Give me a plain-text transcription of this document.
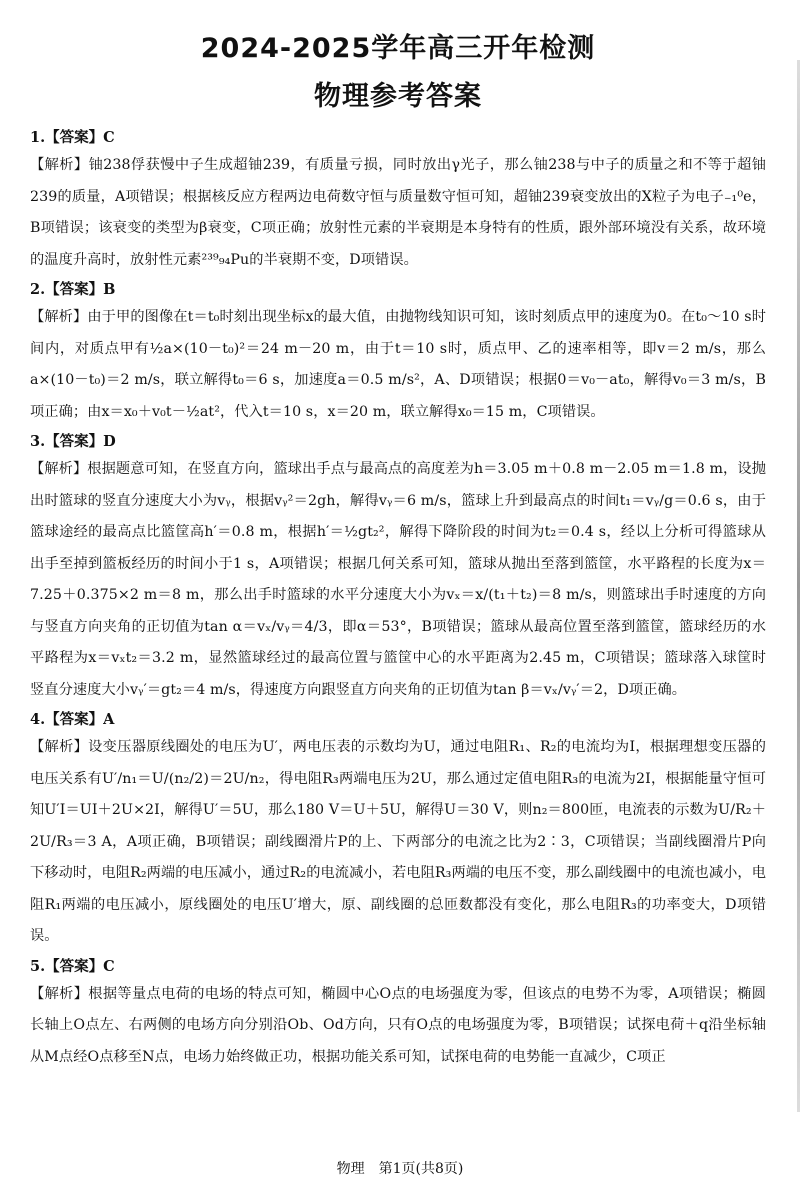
2024-2025学年高三开年检测
物理参考答案
1.【答案】C
【解析】铀238俘获慢中子生成超铀239，有质量亏损，同时放出γ光子，那么铀238与中子的质量之和不等于超铀239的质量，A项错误；根据核反应方程两边电荷数守恒与质量数守恒可知，超铀239衰变放出的X粒子为电子₋₁⁰e，B项错误；该衰变的类型为β衰变，C项正确；放射性元素的半衰期是本身特有的性质，跟外部环境没有关系，故环境的温度升高时，放射性元素²³⁹₉₄Pu的半衰期不变，D项错误。
2.【答案】B
【解析】由于甲的图像在t＝t₀时刻出现坐标x的最大值，由抛物线知识可知，该时刻质点甲的速度为0。在t₀～10 s时间内，对质点甲有½a×(10－t₀)²＝24 m－20 m，由于t＝10 s时，质点甲、乙的速率相等，即v＝2 m/s，那么a×(10－t₀)＝2 m/s，联立解得t₀＝6 s，加速度a＝0.5 m/s²，A、D项错误；根据0＝v₀－at₀，解得v₀＝3 m/s，B项正确；由x＝x₀＋v₀t－½at²，代入t＝10 s，x＝20 m，联立解得x₀＝15 m，C项错误。
3.【答案】D
【解析】根据题意可知，在竖直方向，篮球出手点与最高点的高度差为h＝3.05 m＋0.8 m－2.05 m＝1.8 m，设抛出时篮球的竖直分速度大小为vᵧ，根据vᵧ²＝2gh，解得vᵧ＝6 m/s，篮球上升到最高点的时间t₁＝vᵧ/g＝0.6 s，由于篮球途经的最高点比篮筐高h′＝0.8 m，根据h′＝½gt₂²，解得下降阶段的时间为t₂＝0.4 s，经以上分析可得篮球从出手至掉到篮板经历的时间小于1 s，A项错误；根据几何关系可知，篮球从抛出至落到篮筐，水平路程的长度为x＝7.25＋0.375×2 m＝8 m，那么出手时篮球的水平分速度大小为vₓ＝x/(t₁＋t₂)＝8 m/s，则篮球出手时速度的方向与竖直方向夹角的正切值为tan α＝vₓ/vᵧ＝4/3，即α＝53°，B项错误；篮球从最高位置至落到篮筐，篮球经历的水平路程为x＝vₓt₂＝3.2 m，显然篮球经过的最高位置与篮筐中心的水平距离为2.45 m，C项错误；篮球落入球筐时竖直分速度大小vᵧ′＝gt₂＝4 m/s，得速度方向跟竖直方向夹角的正切值为tan β＝vₓ/vᵧ′＝2，D项正确。
4.【答案】A
【解析】设变压器原线圈处的电压为U′，两电压表的示数均为U，通过电阻R₁、R₂的电流均为I，根据理想变压器的电压关系有U′/n₁＝U/(n₂/2)＝2U/n₂，得电阻R₃两端电压为2U，那么通过定值电阻R₃的电流为2I，根据能量守恒可知U′I＝UI＋2U×2I，解得U′＝5U，那么180 V＝U＋5U，解得U＝30 V，则n₂＝800匝，电流表的示数为U/R₂＋2U/R₃＝3 A，A项正确，B项错误；副线圈滑片P的上、下两部分的电流之比为2∶3，C项错误；当副线圈滑片P向下移动时，电阻R₂两端的电压减小，通过R₂的电流减小，若电阻R₃两端的电压不变，那么副线圈中的电流也减小，电阻R₁两端的电压减小，原线圈处的电压U′增大，原、副线圈的总匝数都没有变化，那么电阻R₃的功率变大，D项错误。
5.【答案】C
【解析】根据等量点电荷的电场的特点可知，椭圆中心O点的电场强度为零，但该点的电势不为零，A项错误；椭圆长轴上O点左、右两侧的电场方向分别沿Ob、Od方向，只有O点的电场强度为零，B项错误；试探电荷＋q沿坐标轴从M点经O点移至N点，电场力始终做正功，根据功能关系可知，试探电荷的电势能一直减少，C项正
物理　第1页(共8页)
